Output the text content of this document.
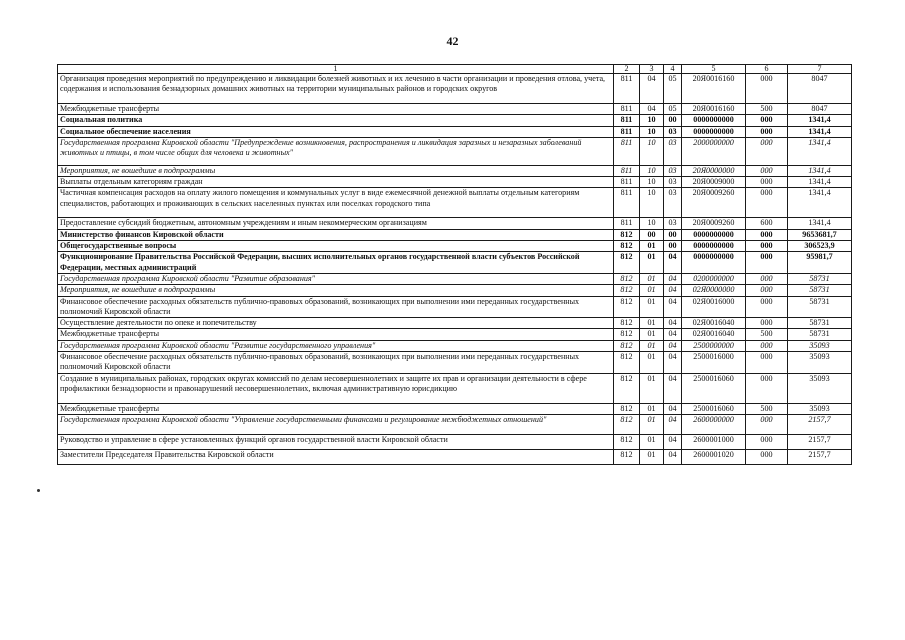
42
1	2	3	4	5	6	7
Организация проведения мероприятий по предупреждению и ликвидации болезней животных и их лечению в части организации и проведения отлова, учета, содержания и использования безнадзорных домашних животных на территории муниципальных районов и городских округов	811	04	05	20Я0016160	000	8047
Межбюджетные трансферты	811	04	05	20Я0016160	500	8047
Социальная политика	811	10	00	0000000000	000	1341,4
Социальное обеспечение населения	811	10	03	0000000000	000	1341,4
Государственная программа Кировской области "Предупреждение возникновения, распространения и ликвидация заразных и незаразных заболеваний животных и птицы, в том числе общих для человека и животных"	811	10	03	2000000000	000	1341,4
Мероприятия, не вошедшие в подпрограммы	811	10	03	20Я0000000	000	1341,4
Выплаты отдельным категориям граждан	811	10	03	20Я0009000	000	1341,4
Частичная компенсация расходов на оплату жилого помещения и коммунальных услуг в виде ежемесячной денежной выплаты отдельным категориям специалистов, работающих и проживающих в сельских населенных пунктах или поселках городского типа	811	10	03	20Я0009260	000	1341,4
Предоставление субсидий бюджетным, автономным учреждениям и иным некоммерческим организациям	811	10	03	20Я0009260	600	1341,4
Министерство финансов Кировской области	812	00	00	0000000000	000	9653681,7
Общегосударственные вопросы	812	01	00	0000000000	000	306523,9
Функционирование Правительства Российской Федерации, высших исполнительных органов государственной власти субъектов Российской Федерации, местных администраций	812	01	04	0000000000	000	95981,7
Государственная программа Кировской области "Развитие образования"	812	01	04	0200000000	000	58731
Мероприятия, не вошедшие в подпрограммы	812	01	04	02Я0000000	000	58731
Финансовое обеспечение расходных обязательств публично-правовых образований, возникающих при выполнении ими переданных государственных полномочий Кировской области	812	01	04	02Я0016000	000	58731
Осуществление деятельности по опеке и попечительству	812	01	04	02Я0016040	000	58731
Межбюджетные трансферты	812	01	04	02Я0016040	500	58731
Государственная программа Кировской области "Развитие государственного управления"	812	01	04	2500000000	000	35093
Финансовое обеспечение расходных обязательств публично-правовых образований, возникающих при выполнении ими переданных государственных полномочий Кировской области	812	01	04	2500016000	000	35093
Создание в муниципальных районах, городских округах комиссий по делам несовершеннолетних и защите их прав и организации деятельности в сфере профилактики безнадзорности и правонарушений несовершеннолетних, включая административную юрисдикцию	812	01	04	2500016060	000	35093
Межбюджетные трансферты	812	01	04	2500016060	500	35093
Государственная программа Кировской области "Управление государственными финансами и регулирование межбюджетных отношений"	812	01	04	2600000000	000	2157,7
Руководство и управление в сфере установленных функций органов государственной власти Кировской области	812	01	04	2600001000	000	2157,7
Заместители Председателя Правительства Кировской области	812	01	04	2600001020	000	2157,7
